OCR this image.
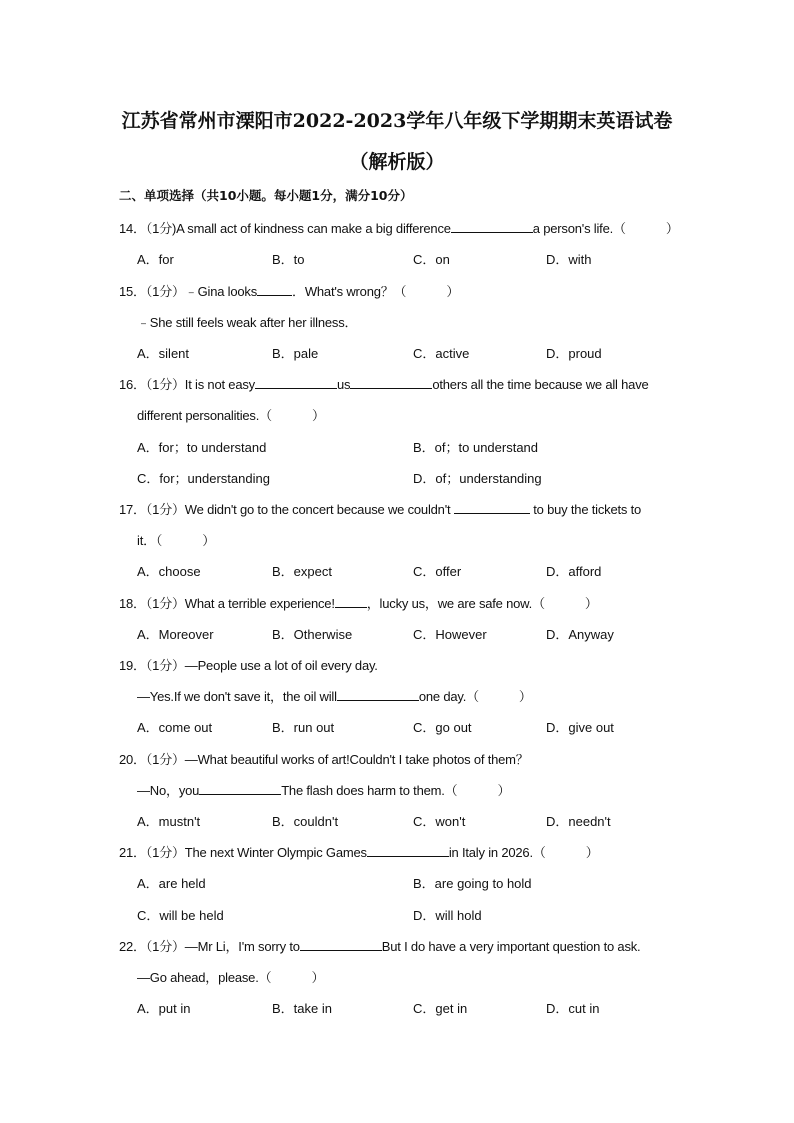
江苏省常州市溧阳市2022-2023学年八年级下学期期末英语试卷
（解析版）
二、单项选择（共10小题。每小题1分，满分10分）
14．（1分)A small act of kindness can make a big difference	a person's life.（	）
A．for	B．to	C．on	D．with
15．（1分）﹣Gina looks	．What's wrong？（	）
﹣She still feels weak after her illness．
A．silent	B．pale	C．active	D．proud
16．（1分）It is not easy	us	others all the time because we all have
different personalities.（	）
A．for；to understand	B．of；to understand
C．for；understanding	D．of；understanding
17．（1分）We didn't go to the concert because we couldn't	to buy the tickets to
it．（	）
A．choose	B．expect	C．offer	D．afford
18．（1分）What a terrible experience! ，lucky us，we are safe now.（	）
A．Moreover	B．Otherwise	C．However	D．Anyway
19．（1分）—People use a lot of oil every day.
—Yes.If we don't save it，the oil will	one day.（	）
A．come out	B．run out	C．go out	D．give out
20．（1分）—What beautiful works of art!Couldn't I take photos of them？
—No，you	The flash does harm to them.（	）
A．mustn't	B．couldn't	C．won't	D．needn't
21．（1分）The next Winter Olympic Games	in Italy in 2026.（	）
A．are held	B．are going to hold
C．will be held	D．will hold
22．（1分）—Mr Li，I'm sorry to	But I do have a very important question to ask.
—Go ahead，please.（	）
A．put in	B．take in	C．get in	D．cut in
